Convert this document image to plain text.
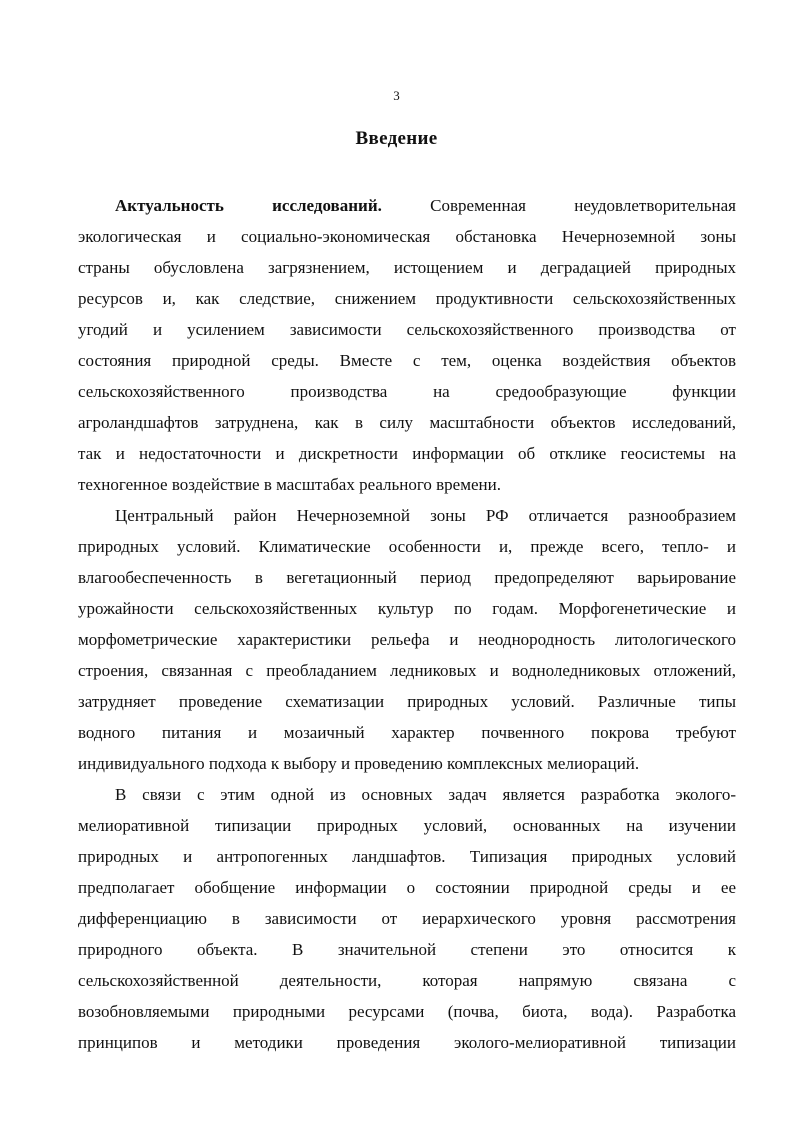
3
Введение
Актуальность исследований. Современная неудовлетворительная
экологическая и социально-экономическая обстановка Нечерноземной зоны
страны обусловлена загрязнением, истощением и деградацией природных
ресурсов и, как следствие, снижением продуктивности сельскохозяйственных
угодий и усилением зависимости сельскохозяйственного производства от
состояния природной среды. Вместе с тем, оценка воздействия объектов
сельскохозяйственного производства на средообразующие функции
агроландшафтов затруднена, как в силу масштабности объектов исследований,
так и недостаточности и дискретности информации об отклике геосистемы на
техногенное воздействие в масштабах реального времени.
Центральный район Нечерноземной зоны РФ отличается разнообразием
природных условий. Климатические особенности и, прежде всего, тепло- и
влагообеспеченность в вегетационный период предопределяют варьирование
урожайности сельскохозяйственных культур по годам. Морфогенетические и
морфометрические характеристики рельефа и неоднородность литологического
строения, связанная с преобладанием ледниковых и водноледниковых отложений,
затрудняет проведение схематизации природных условий. Различные типы
водного питания и мозаичный характер почвенного покрова требуют
индивидуального подхода к выбору и проведению комплексных мелиораций.
В связи с этим одной из основных задач является разработка эколого-
мелиоративной типизации природных условий, основанных на изучении
природных и антропогенных ландшафтов. Типизация природных условий
предполагает обобщение информации о состоянии природной среды и ее
дифференциацию в зависимости от иерархического уровня рассмотрения
природного объекта. В значительной степени это относится к
сельскохозяйственной деятельности, которая напрямую связана с
возобновляемыми природными ресурсами (почва, биота, вода). Разработка
принципов и методики проведения эколого-мелиоративной типизации
